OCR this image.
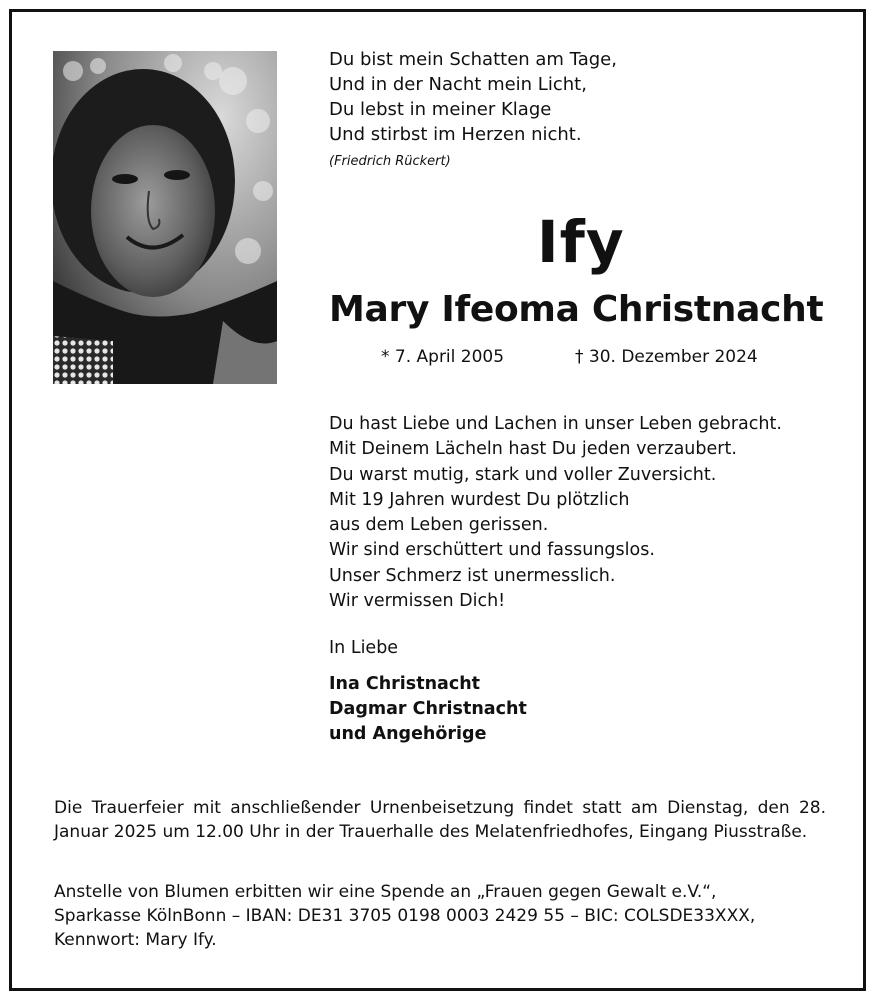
Du bist mein Schatten am Tage,
Und in der Nacht mein Licht,
Du lebst in meiner Klage
Und stirbst im Herzen nicht.
(Friedrich Rückert)
Ify
Mary Ifeoma Christnacht
* 7. April 2005	† 30. Dezember 2024
Du hast Liebe und Lachen in unser Leben gebracht.
Mit Deinem Lächeln hast Du jeden verzaubert.
Du warst mutig, stark und voller Zuversicht.
Mit 19 Jahren wurdest Du plötzlich
aus dem Leben gerissen.
Wir sind erschüttert und fassungslos.
Unser Schmerz ist unermesslich.
Wir vermissen Dich!
In Liebe
Ina Christnacht
Dagmar Christnacht
und Angehörige
Die Trauerfeier mit anschließender Urnenbeisetzung findet statt am Dienstag, den 28. Januar 2025 um 12.00 Uhr in der Trauerhalle des Melatenfriedhofes, Eingang Piusstraße.
Anstelle von Blumen erbitten wir eine Spende an „Frauen gegen Gewalt e.V.“,
Sparkasse KölnBonn – IBAN: DE31 3705 0198 0003 2429 55 – BIC: COLSDE33XXX,
Kennwort: Mary Ify.
